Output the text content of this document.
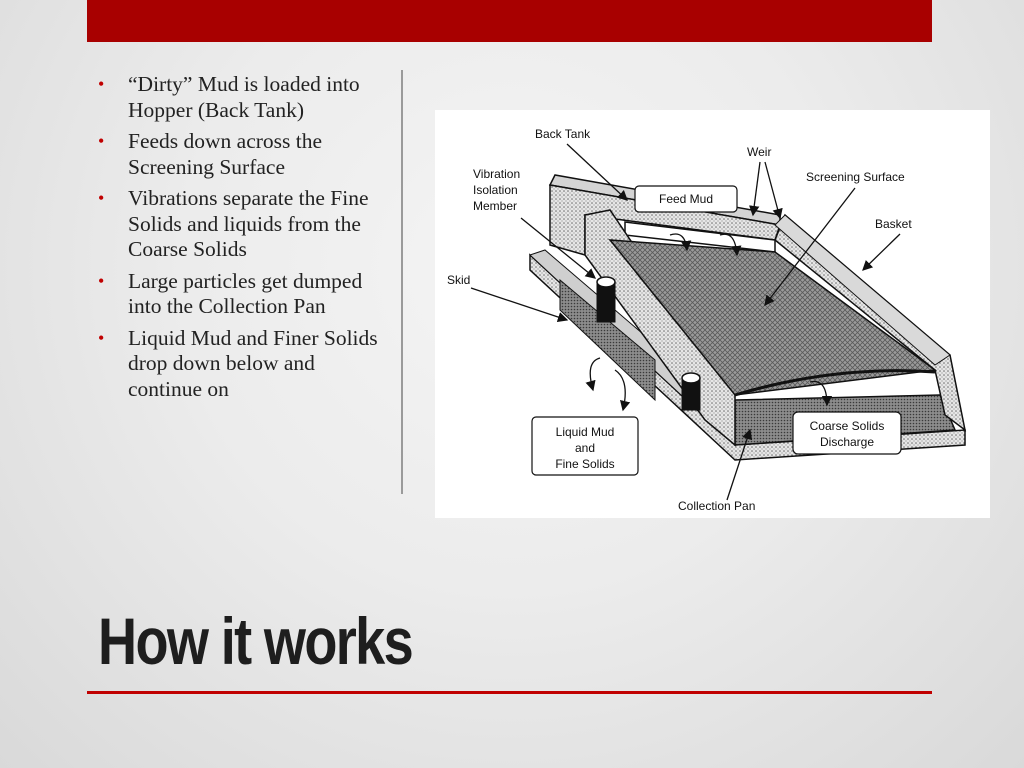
• “Dirty” Mud is loaded into Hopper (Back Tank)
• Feeds down across the Screening Surface
• Vibrations separate the Fine Solids and liquids from the Coarse Solids
• Large particles get dumped into the Collection Pan
• Liquid Mud and Finer Solids drop down below and continue on
Feed Mud
Liquid Mud
and
Fine Solids
Coarse Solids
Discharge
Back Tank
Weir
Vibration
Isolation
Member
Screening Surface
Basket
Skid
Collection Pan
How it works
